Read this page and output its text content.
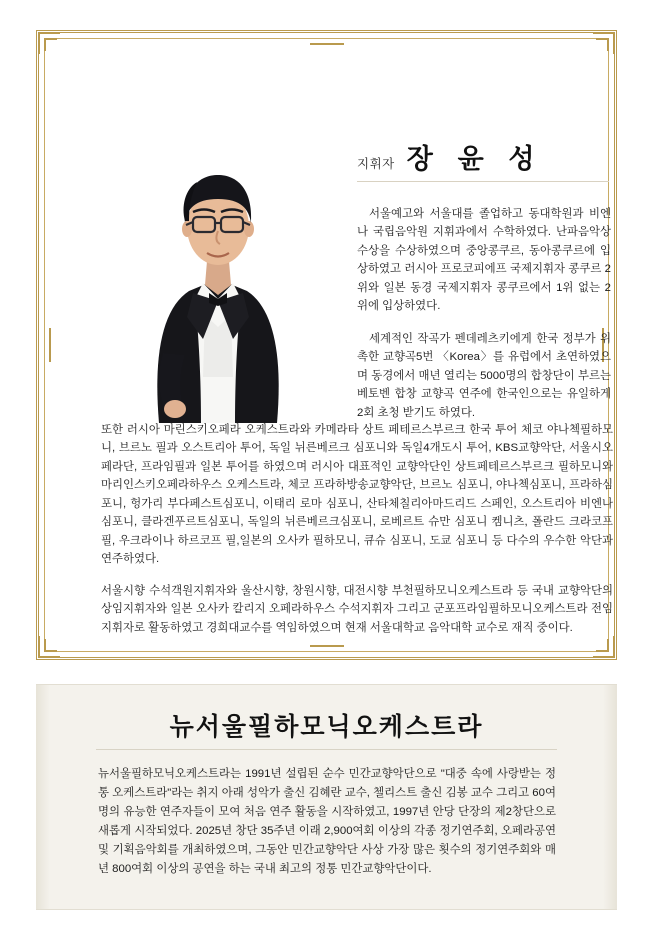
지휘자 장 윤 성

서울예고와 서울대를 졸업하고 동대학원과 비엔나 국립음악원 지휘과에서 수학하였다. 난파음악상 수상을 수상하였으며 중앙콩쿠르, 동아콩쿠르에 입상하였고 러시아 프로코피에프 국제지휘자 콩쿠르 2위와 일본 동경 국제지휘자 콩쿠르에서 1위 없는 2위에 입상하였다.

세계적인 작곡가 펜데레츠키에게 한국 정부가 위촉한 교향곡5번 〈Korea〉를 유럽에서 초연하였으며 동경에서 매년 열리는 5000명의 합창단이 부르는 베토벤 합창 교향곡 연주에 한국인으로는 유일하게 2회 초청 받기도 하였다.

또한 러시아 마린스키오페라 오케스트라와 카메라타 상트 페테르스부르크 한국 투어 체코 야나첵필하모니, 브르노 필과 오스트리아 투어, 독일 뉘른베르크 심포니와 독일4개도시 투어, KBS교향악단, 서울시오페라단, 프라임필과 일본 투어를 하였으며 러시아 대표적인 교향악단인 상트페테르스부르크 필하모니와 마리인스키오페라하우스 오케스트라, 체코 프라하방송교향악단, 브르노 심포니, 야나첵심포니, 프라하심포니, 헝가리 부다페스트심포니, 이태리 로마 심포니, 산타체칠리아마드리드 스페인, 오스트리아 비엔나 심포니, 클라겐푸르트심포니, 독일의 뉘른베르크심포니, 로베르트 슈만 심포니 켐니츠, 폴란드 크라코프필, 우크라이나 하르코프 필,일본의 오사카 필하모니, 큐슈 심포니, 도쿄 심포니 등 다수의 우수한 악단과 연주하였다.

서울시향 수석객원지휘자와 울산시향, 창원시향, 대전시향 부천필하모니오케스트라 등 국내 교향악단의 상임지휘자와 일본 오사카 칼리지 오페라하우스 수석지휘자 그리고 군포프라임필하모니오케스트라 전임지휘자로 활동하였고 경희대교수를 역임하였으며 현재 서울대학교 음악대학 교수로 재직 중이다.

뉴서울필하모닉오케스트라

뉴서울필하모닉오케스트라는 1991년 설립된 순수 민간교향악단으로 "대중 속에 사랑받는 정통 오케스트라"라는 취지 아래 성악가 출신 김혜란 교수, 첼리스트 출신 김봉 교수 그리고 60여명의 유능한 연주자들이 모여 처음 연주 활동을 시작하였고, 1997년 안당 단장의 제2창단으로 새롭게 시작되었다. 2025년 창단 35주년 이래 2,900여회 이상의 각종 정기연주회, 오페라공연 및 기획음악회를 개최하였으며, 그동안 민간교향악단 사상 가장 많은 횟수의 정기연주회와 매년 800여회 이상의 공연을 하는 국내 최고의 정통 민간교향악단이다.
